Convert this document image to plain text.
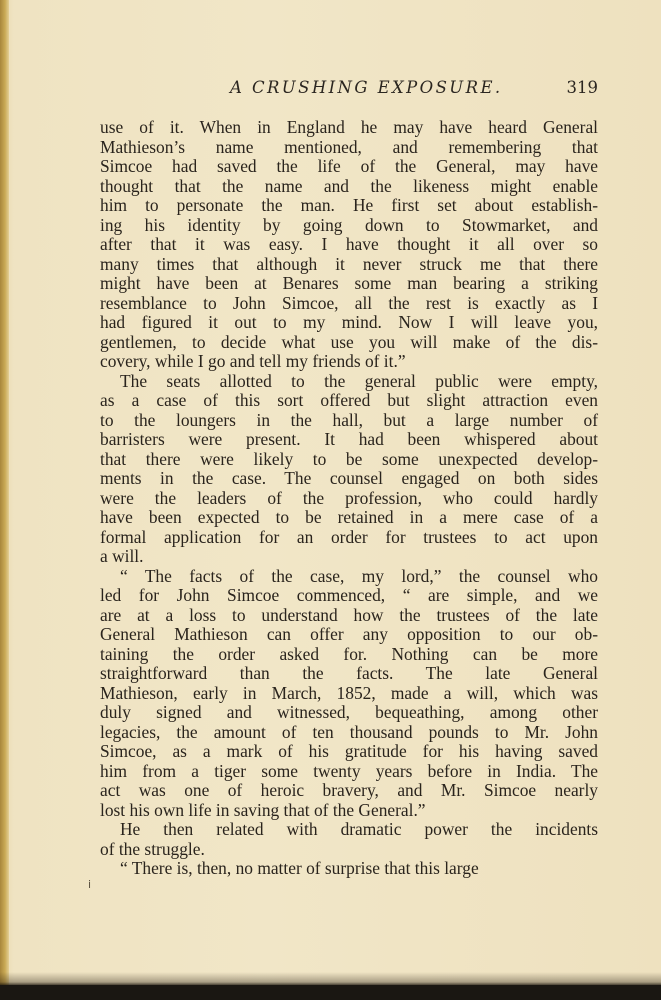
A CRUSHING EXPOSURE.	319
use of it. When in England he may have heard General
Mathieson’s name mentioned, and remembering that
Simcoe had saved the life of the General, may have
thought that the name and the likeness might enable
him to personate the man. He first set about establish-
ing his identity by going down to Stowmarket, and
after that it was easy. I have thought it all over so
many times that although it never struck me that there
might have been at Benares some man bearing a striking
resemblance to John Simcoe, all the rest is exactly as I
had figured it out to my mind. Now I will leave you,
gentlemen, to decide what use you will make of the dis-
covery, while I go and tell my friends of it.”
The seats allotted to the general public were empty,
as a case of this sort offered but slight attraction even
to the loungers in the hall, but a large number of
barristers were present. It had been whispered about
that there were likely to be some unexpected develop-
ments in the case. The counsel engaged on both sides
were the leaders of the profession, who could hardly
have been expected to be retained in a mere case of a
formal application for an order for trustees to act upon
a will.
“ The facts of the case, my lord,” the counsel who
led for John Simcoe commenced, “ are simple, and we
are at a loss to understand how the trustees of the late
General Mathieson can offer any opposition to our ob-
taining the order asked for. Nothing can be more
straightforward than the facts. The late General
Mathieson, early in March, 1852, made a will, which was
duly signed and witnessed, bequeathing, among other
legacies, the amount of ten thousand pounds to Mr. John
Simcoe, as a mark of his gratitude for his having saved
him from a tiger some twenty years before in India. The
act was one of heroic bravery, and Mr. Simcoe nearly
lost his own life in saving that of the General.”
He then related with dramatic power the incidents
of the struggle.
“ There is, then, no matter of surprise that this large
i
